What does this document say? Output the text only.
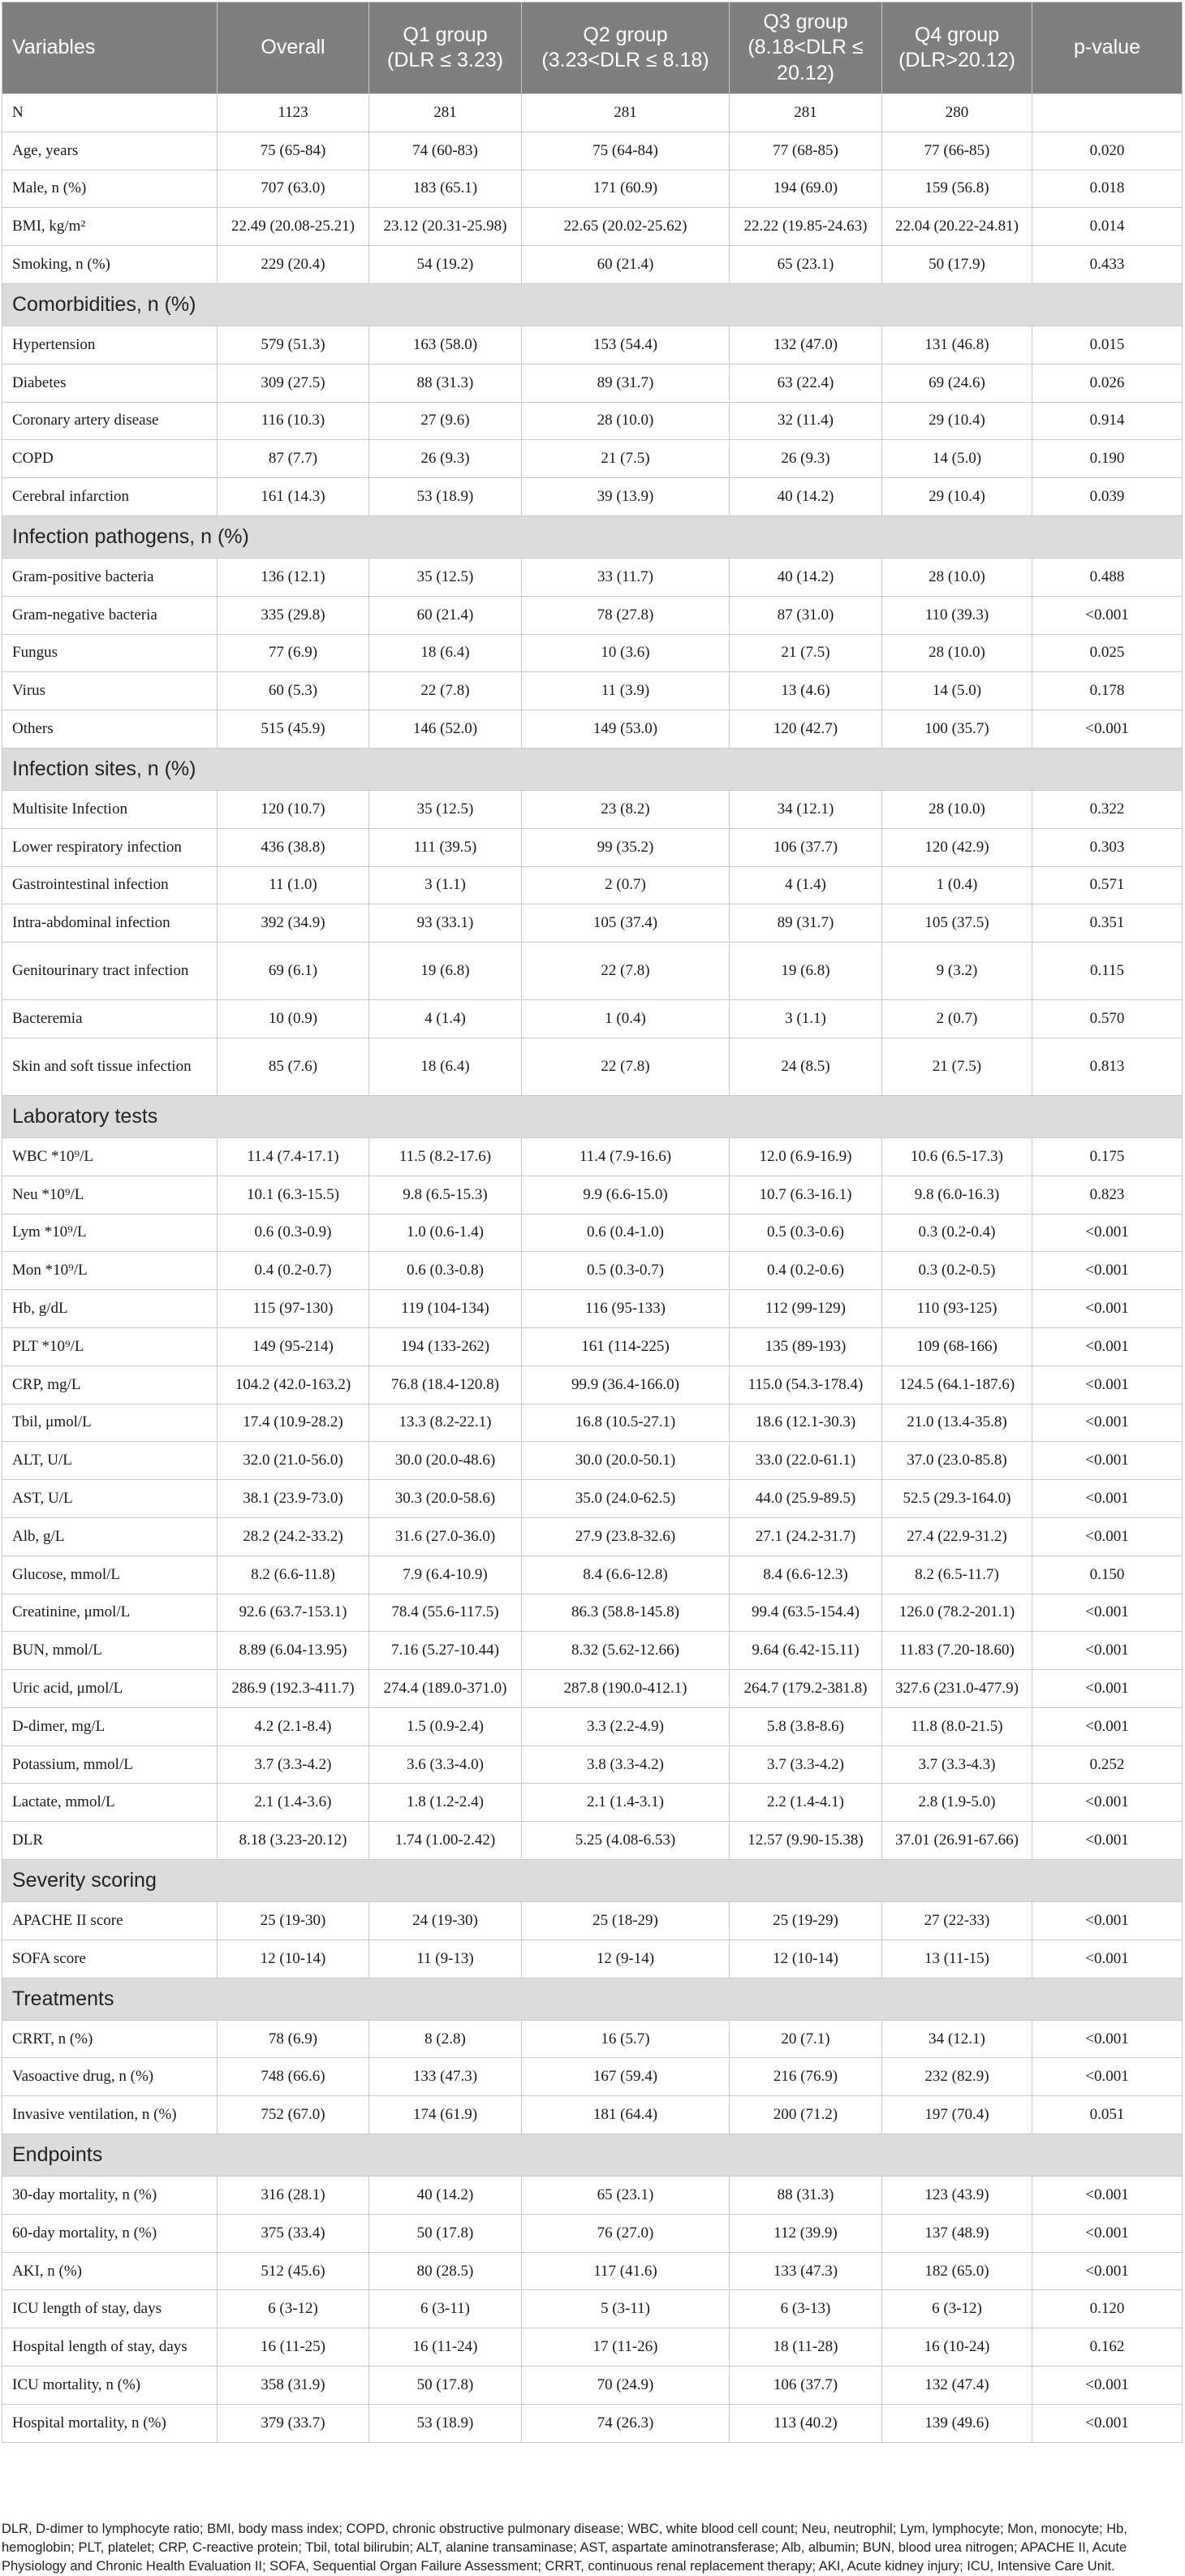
Variables	Overall	Q1 group (DLR ≤ 3.23)	Q2 group (3.23<DLR ≤ 8.18)	Q3 group (8.18<DLR ≤ 20.12)	Q4 group (DLR>20.12)	p-value
N	1123	281	281	281	280	
Age, years	75 (65-84)	74 (60-83)	75 (64-84)	77 (68-85)	77 (66-85)	0.020
Male, n (%)	707 (63.0)	183 (65.1)	171 (60.9)	194 (69.0)	159 (56.8)	0.018
BMI, kg/m²	22.49 (20.08-25.21)	23.12 (20.31-25.98)	22.65 (20.02-25.62)	22.22 (19.85-24.63)	22.04 (20.22-24.81)	0.014
Smoking, n (%)	229 (20.4)	54 (19.2)	60 (21.4)	65 (23.1)	50 (17.9)	0.433
Comorbidities, n (%)						
Hypertension	579 (51.3)	163 (58.0)	153 (54.4)	132 (47.0)	131 (46.8)	0.015
Diabetes	309 (27.5)	88 (31.3)	89 (31.7)	63 (22.4)	69 (24.6)	0.026
Coronary artery disease	116 (10.3)	27 (9.6)	28 (10.0)	32 (11.4)	29 (10.4)	0.914
COPD	87 (7.7)	26 (9.3)	21 (7.5)	26 (9.3)	14 (5.0)	0.190
Cerebral infarction	161 (14.3)	53 (18.9)	39 (13.9)	40 (14.2)	29 (10.4)	0.039
Infection pathogens, n (%)						
Gram-positive bacteria	136 (12.1)	35 (12.5)	33 (11.7)	40 (14.2)	28 (10.0)	0.488
Gram-negative bacteria	335 (29.8)	60 (21.4)	78 (27.8)	87 (31.0)	110 (39.3)	<0.001
Fungus	77 (6.9)	18 (6.4)	10 (3.6)	21 (7.5)	28 (10.0)	0.025
Virus	60 (5.3)	22 (7.8)	11 (3.9)	13 (4.6)	14 (5.0)	0.178
Others	515 (45.9)	146 (52.0)	149 (53.0)	120 (42.7)	100 (35.7)	<0.001
Infection sites, n (%)						
Multisite Infection	120 (10.7)	35 (12.5)	23 (8.2)	34 (12.1)	28 (10.0)	0.322
Lower respiratory infection	436 (38.8)	111 (39.5)	99 (35.2)	106 (37.7)	120 (42.9)	0.303
Gastrointestinal infection	11 (1.0)	3 (1.1)	2 (0.7)	4 (1.4)	1 (0.4)	0.571
Intra-abdominal infection	392 (34.9)	93 (33.1)	105 (37.4)	89 (31.7)	105 (37.5)	0.351
Genitourinary tract infection	69 (6.1)	19 (6.8)	22 (7.8)	19 (6.8)	9 (3.2)	0.115
Bacteremia	10 (0.9)	4 (1.4)	1 (0.4)	3 (1.1)	2 (0.7)	0.570
Skin and soft tissue infection	85 (7.6)	18 (6.4)	22 (7.8)	24 (8.5)	21 (7.5)	0.813
Laboratory tests						
WBC *10⁹/L	11.4 (7.4-17.1)	11.5 (8.2-17.6)	11.4 (7.9-16.6)	12.0 (6.9-16.9)	10.6 (6.5-17.3)	0.175
Neu *10⁹/L	10.1 (6.3-15.5)	9.8 (6.5-15.3)	9.9 (6.6-15.0)	10.7 (6.3-16.1)	9.8 (6.0-16.3)	0.823
Lym *10⁹/L	0.6 (0.3-0.9)	1.0 (0.6-1.4)	0.6 (0.4-1.0)	0.5 (0.3-0.6)	0.3 (0.2-0.4)	<0.001
Mon *10⁹/L	0.4 (0.2-0.7)	0.6 (0.3-0.8)	0.5 (0.3-0.7)	0.4 (0.2-0.6)	0.3 (0.2-0.5)	<0.001
Hb, g/dL	115 (97-130)	119 (104-134)	116 (95-133)	112 (99-129)	110 (93-125)	<0.001
PLT *10⁹/L	149 (95-214)	194 (133-262)	161 (114-225)	135 (89-193)	109 (68-166)	<0.001
CRP, mg/L	104.2 (42.0-163.2)	76.8 (18.4-120.8)	99.9 (36.4-166.0)	115.0 (54.3-178.4)	124.5 (64.1-187.6)	<0.001
Tbil, μmol/L	17.4 (10.9-28.2)	13.3 (8.2-22.1)	16.8 (10.5-27.1)	18.6 (12.1-30.3)	21.0 (13.4-35.8)	<0.001
ALT, U/L	32.0 (21.0-56.0)	30.0 (20.0-48.6)	30.0 (20.0-50.1)	33.0 (22.0-61.1)	37.0 (23.0-85.8)	<0.001
AST, U/L	38.1 (23.9-73.0)	30.3 (20.0-58.6)	35.0 (24.0-62.5)	44.0 (25.9-89.5)	52.5 (29.3-164.0)	<0.001
Alb, g/L	28.2 (24.2-33.2)	31.6 (27.0-36.0)	27.9 (23.8-32.6)	27.1 (24.2-31.7)	27.4 (22.9-31.2)	<0.001
Glucose, mmol/L	8.2 (6.6-11.8)	7.9 (6.4-10.9)	8.4 (6.6-12.8)	8.4 (6.6-12.3)	8.2 (6.5-11.7)	0.150
Creatinine, μmol/L	92.6 (63.7-153.1)	78.4 (55.6-117.5)	86.3 (58.8-145.8)	99.4 (63.5-154.4)	126.0 (78.2-201.1)	<0.001
BUN, mmol/L	8.89 (6.04-13.95)	7.16 (5.27-10.44)	8.32 (5.62-12.66)	9.64 (6.42-15.11)	11.83 (7.20-18.60)	<0.001
Uric acid, μmol/L	286.9 (192.3-411.7)	274.4 (189.0-371.0)	287.8 (190.0-412.1)	264.7 (179.2-381.8)	327.6 (231.0-477.9)	<0.001
D-dimer, mg/L	4.2 (2.1-8.4)	1.5 (0.9-2.4)	3.3 (2.2-4.9)	5.8 (3.8-8.6)	11.8 (8.0-21.5)	<0.001
Potassium, mmol/L	3.7 (3.3-4.2)	3.6 (3.3-4.0)	3.8 (3.3-4.2)	3.7 (3.3-4.2)	3.7 (3.3-4.3)	0.252
Lactate, mmol/L	2.1 (1.4-3.6)	1.8 (1.2-2.4)	2.1 (1.4-3.1)	2.2 (1.4-4.1)	2.8 (1.9-5.0)	<0.001
DLR	8.18 (3.23-20.12)	1.74 (1.00-2.42)	5.25 (4.08-6.53)	12.57 (9.90-15.38)	37.01 (26.91-67.66)	<0.001
Severity scoring						
APACHE II score	25 (19-30)	24 (19-30)	25 (18-29)	25 (19-29)	27 (22-33)	<0.001
SOFA score	12 (10-14)	11 (9-13)	12 (9-14)	12 (10-14)	13 (11-15)	<0.001
Treatments						
CRRT, n (%)	78 (6.9)	8 (2.8)	16 (5.7)	20 (7.1)	34 (12.1)	<0.001
Vasoactive drug, n (%)	748 (66.6)	133 (47.3)	167 (59.4)	216 (76.9)	232 (82.9)	<0.001
Invasive ventilation, n (%)	752 (67.0)	174 (61.9)	181 (64.4)	200 (71.2)	197 (70.4)	0.051
Endpoints						
30-day mortality, n (%)	316 (28.1)	40 (14.2)	65 (23.1)	88 (31.3)	123 (43.9)	<0.001
60-day mortality, n (%)	375 (33.4)	50 (17.8)	76 (27.0)	112 (39.9)	137 (48.9)	<0.001
AKI, n (%)	512 (45.6)	80 (28.5)	117 (41.6)	133 (47.3)	182 (65.0)	<0.001
ICU length of stay, days	6 (3-12)	6 (3-11)	5 (3-11)	6 (3-13)	6 (3-12)	0.120
Hospital length of stay, days	16 (11-25)	16 (11-24)	17 (11-26)	18 (11-28)	16 (10-24)	0.162
ICU mortality, n (%)	358 (31.9)	50 (17.8)	70 (24.9)	106 (37.7)	132 (47.4)	<0.001
Hospital mortality, n (%)	379 (33.7)	53 (18.9)	74 (26.3)	113 (40.2)	139 (49.6)	<0.001
DLR, D-dimer to lymphocyte ratio; BMI, body mass index; COPD, chronic obstructive pulmonary disease; WBC, white blood cell count; Neu, neutrophil; Lym, lymphocyte; Mon, monocyte; Hb, hemoglobin; PLT, platelet; CRP, C-reactive protein; Tbil, total bilirubin; ALT, alanine transaminase; AST, aspartate aminotransferase; Alb, albumin; BUN, blood urea nitrogen; APACHE II, Acute Physiology and Chronic Health Evaluation II; SOFA, Sequential Organ Failure Assessment; CRRT, continuous renal replacement therapy; AKI, Acute kidney injury; ICU, Intensive Care Unit.
